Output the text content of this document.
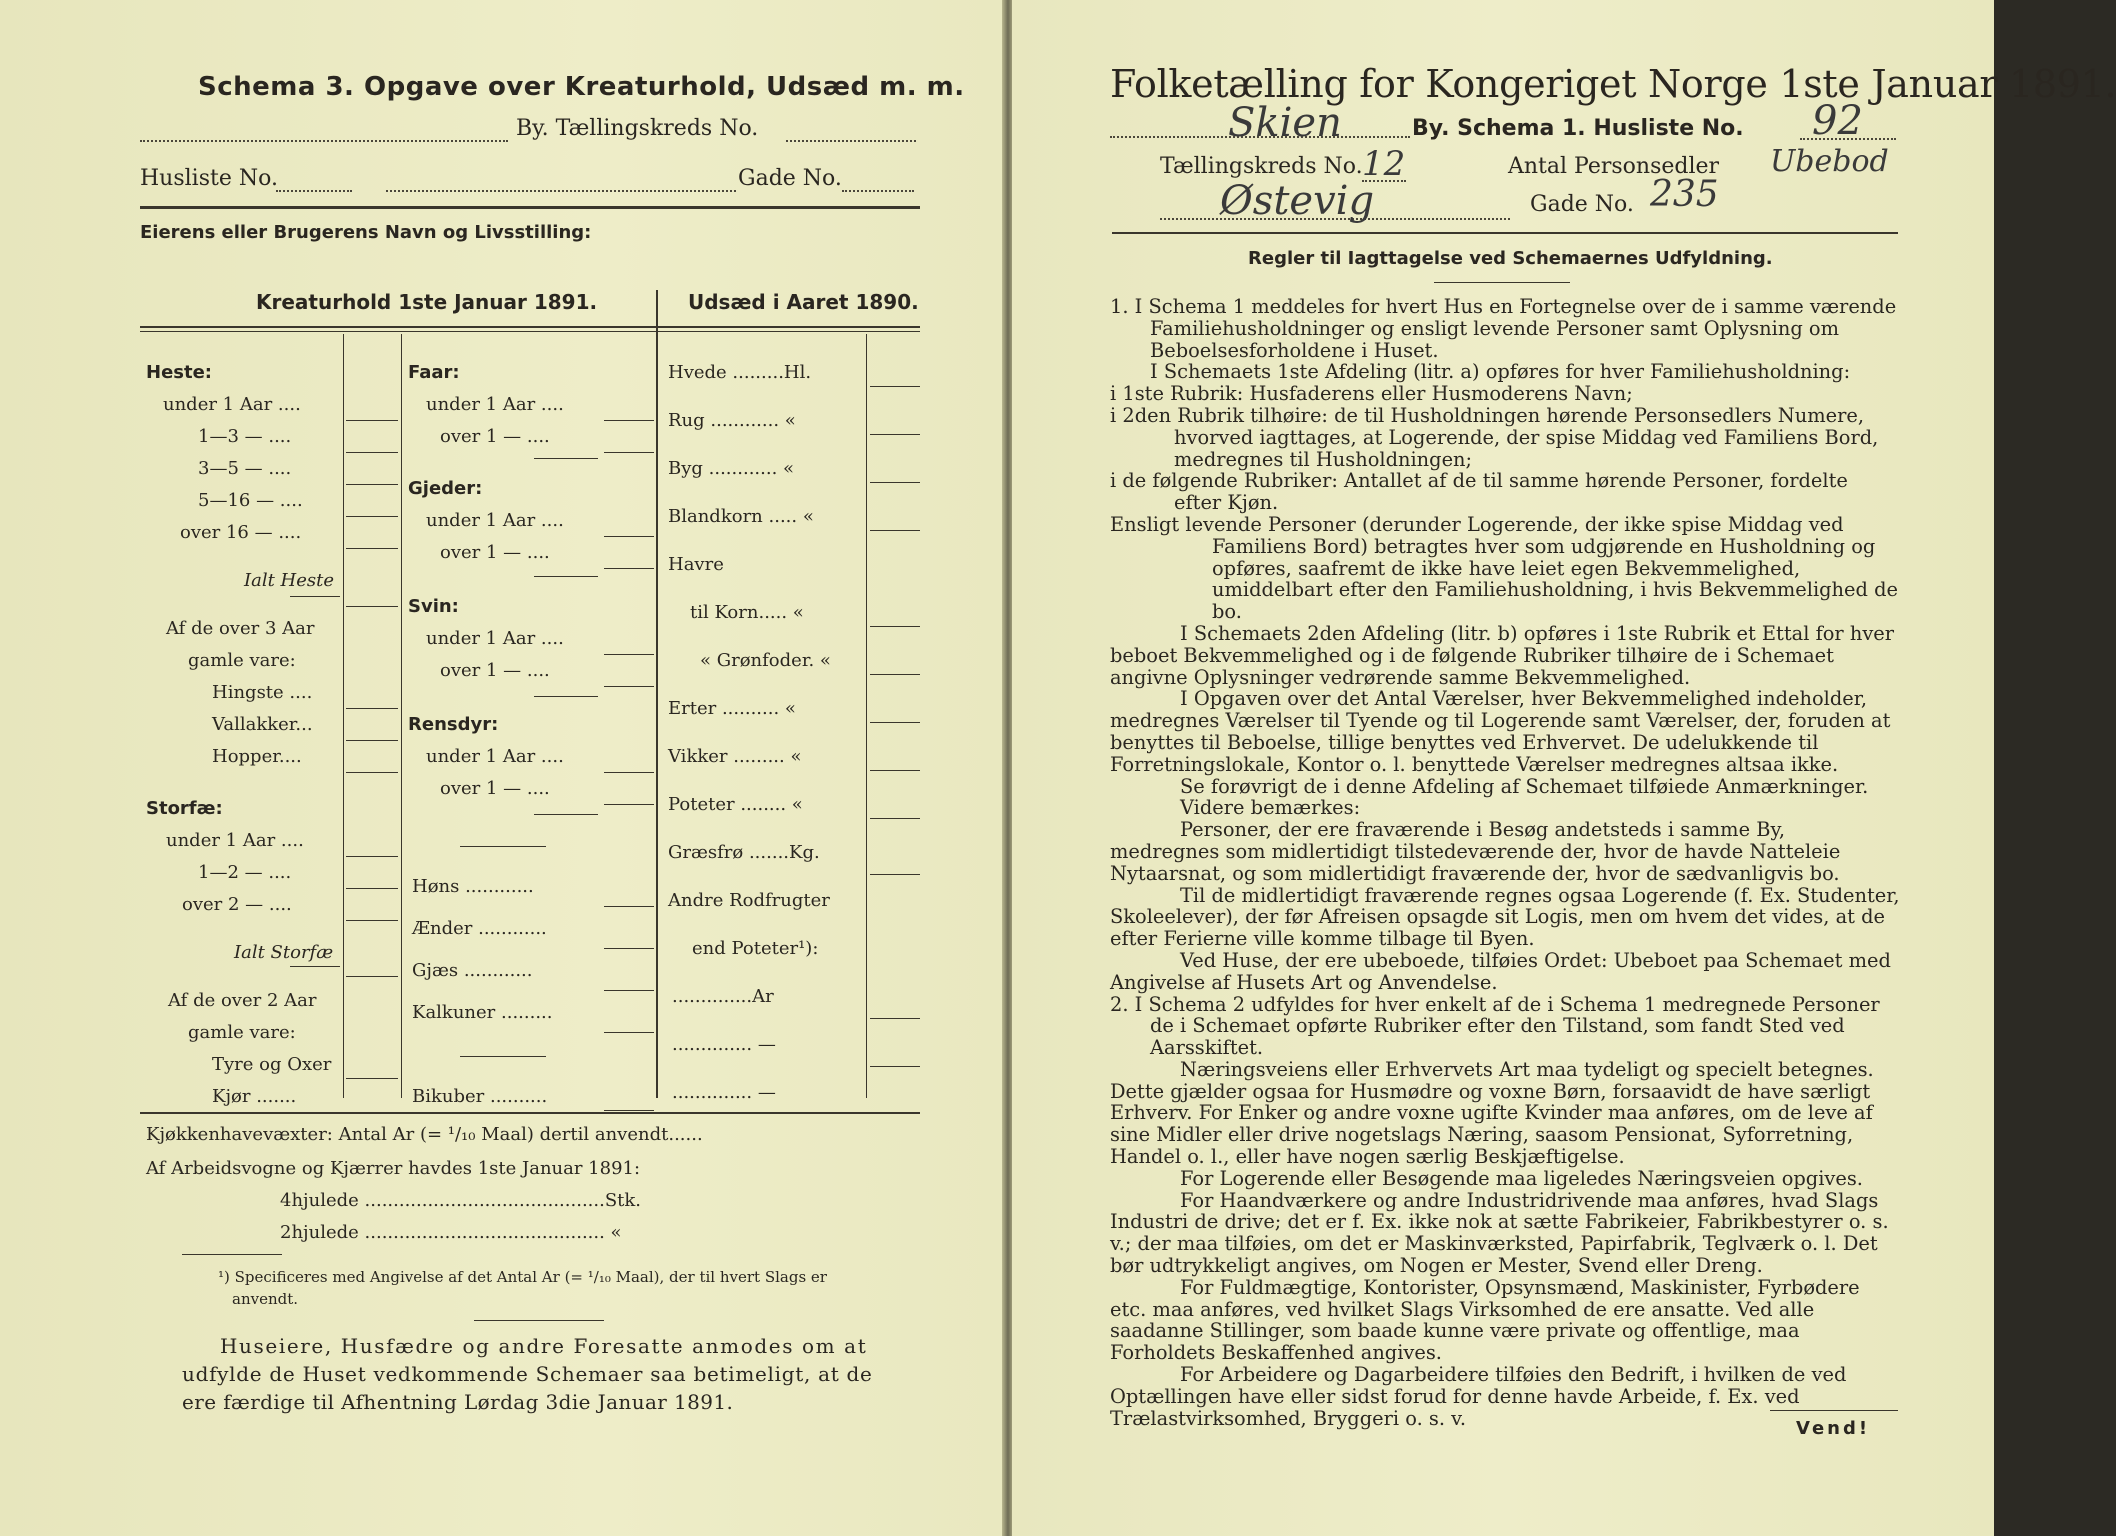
Schema 3. Opgave over Kreaturhold, Udsæd m. m.
By. Tællingskreds No.
Husliste No.	Gade No.
Eierens eller Brugerens Navn og Livsstilling:
Kreaturhold 1ste Januar 1891.	Udsæd i Aaret 1890.
Heste:
under 1 Aar ....
1—3 — ....
3—5 — ....
5—16 — ....
over 16 — ....
Ialt Heste
Af de over 3 Aar
gamle vare:
Hingste ....
Vallakker...
Hopper....
Storfæ:
under 1 Aar ....
1—2 — ....
over 2 — ....
Ialt Storfæ
Af de over 2 Aar
gamle vare:
Tyre og Oxer
Kjør .......
Faar:
under 1 Aar ....
over 1 — ....
Gjeder:
under 1 Aar ....
over 1 — ....
Svin:
under 1 Aar ....
over 1 — ....
Rensdyr:
under 1 Aar ....
over 1 — ....
Høns ............
Ænder ............
Gjæs ............
Kalkuner .........
Bikuber ..........
Hvede .........Hl.
Rug ............ «
Byg ............ «
Blandkorn ..... «
Havre
til Korn..... «
« Grønfoder. «
Erter .......... «
Vikker ......... «
Poteter ........ «
Græsfrø .......Kg.
Andre Rodfrugter
end Poteter¹):
..............Ar
.............. —
.............. —
Kjøkkenhavevæxter: Antal Ar (= ¹/₁₀ Maal) dertil anvendt......
Af Arbeidsvogne og Kjærrer havdes 1ste Januar 1891:
4hjulede ..........................................Stk.
2hjulede .......................................... «
¹) Specificeres med Angivelse af det Antal Ar (= ¹/₁₀ Maal), der til hvert Slags er
anvendt.
Huseiere, Husfædre og andre Foresatte anmodes om at
udfylde de Huset vedkommende Schemaer saa betimeligt, at de
ere færdige til Afhentning Lørdag 3die Januar 1891.
Folketælling for Kongeriget Norge 1ste Januar 1891.
Skien	By. Schema 1. Husliste No. 92
Tællingskreds No. 12	Antal Personsedler Ubebod
Østevig	Gade No. 235
Regler til Iagttagelse ved Schemaernes Udfyldning.

1. I Schema 1 meddeles for hvert Hus en Fortegnelse over de i samme værende Familiehusholdninger og ensligt levende Personer samt Oplysning om Beboelsesforholdene i Huset.

I Schemaets 1ste Afdeling (litr. a) opføres for hver Familiehusholdning:

i 1ste Rubrik: Husfaderens eller Husmoderens Navn;

i 2den Rubrik tilhøire: de til Husholdningen hørende Personsedlers Numere, hvorved iagttages, at Logerende, der spise Middag ved Familiens Bord, medregnes til Husholdningen;

i de følgende Rubriker: Antallet af de til samme hørende Personer, fordelte efter Kjøn.

Ensligt levende Personer (derunder Logerende, der ikke spise Middag ved Familiens Bord) betragtes hver som udgjørende en Husholdning og opføres, saafremt de ikke have leiet egen Bekvemmelighed, umiddelbart efter den Familiehusholdning, i hvis Bekvemmelighed de bo.

I Schemaets 2den Afdeling (litr. b) opføres i 1ste Rubrik et Ettal for hver beboet Bekvemmelighed og i de følgende Rubriker tilhøire de i Schemaet angivne Oplysninger vedrørende samme Bekvemmelighed.

I Opgaven over det Antal Værelser, hver Bekvemmelighed indeholder, medregnes Værelser til Tyende og til Logerende samt Værelser, der, foruden at benyttes til Beboelse, tillige benyttes ved Erhvervet. De udelukkende til Forretningslokale, Kontor o. l. benyttede Værelser medregnes altsaa ikke.

Se forøvrigt de i denne Afdeling af Schemaet tilføiede Anmærkninger.

Videre bemærkes:

Personer, der ere fraværende i Besøg andetsteds i samme By, medregnes som midlertidigt tilstedeværende der, hvor de havde Natteleie Nytaarsnat, og som midlertidigt fraværende der, hvor de sædvanligvis bo.

Til de midlertidigt fraværende regnes ogsaa Logerende (f. Ex. Studenter, Skoleelever), der før Afreisen opsagde sit Logis, men om hvem det vides, at de efter Ferierne ville komme tilbage til Byen.

Ved Huse, der ere ubeboede, tilføies Ordet: Ubeboet paa Schemaet med Angivelse af Husets Art og Anvendelse.

2. I Schema 2 udfyldes for hver enkelt af de i Schema 1 medregnede Personer de i Schemaet opførte Rubriker efter den Tilstand, som fandt Sted ved Aarsskiftet.

Næringsveiens eller Erhvervets Art maa tydeligt og specielt betegnes. Dette gjælder ogsaa for Husmødre og voxne Børn, forsaavidt de have særligt Erhverv. For Enker og andre voxne ugifte Kvinder maa anføres, om de leve af sine Midler eller drive nogetslags Næring, saasom Pensionat, Syforretning, Handel o. l., eller have nogen særlig Beskjæftigelse.

For Logerende eller Besøgende maa ligeledes Næringsveien opgives.

For Haandværkere og andre Industridrivende maa anføres, hvad Slags Industri de drive; det er f. Ex. ikke nok at sætte Fabrikeier, Fabrikbestyrer o. s. v.; der maa tilføies, om det er Maskinværksted, Papirfabrik, Teglværk o. l. Det bør udtrykkeligt angives, om Nogen er Mester, Svend eller Dreng.

For Fuldmægtige, Kontorister, Opsynsmænd, Maskinister, Fyrbødere etc. maa anføres, ved hvilket Slags Virksomhed de ere ansatte. Ved alle saadanne Stillinger, som baade kunne være private og offentlige, maa Forholdets Beskaffenhed angives.

For Arbeidere og Dagarbeidere tilføies den Bedrift, i hvilken de ved Optællingen have eller sidst forud for denne havde Arbeide, f. Ex. ved Trælastvirksomhed, Bryggeri o. s. v.	Vend!
